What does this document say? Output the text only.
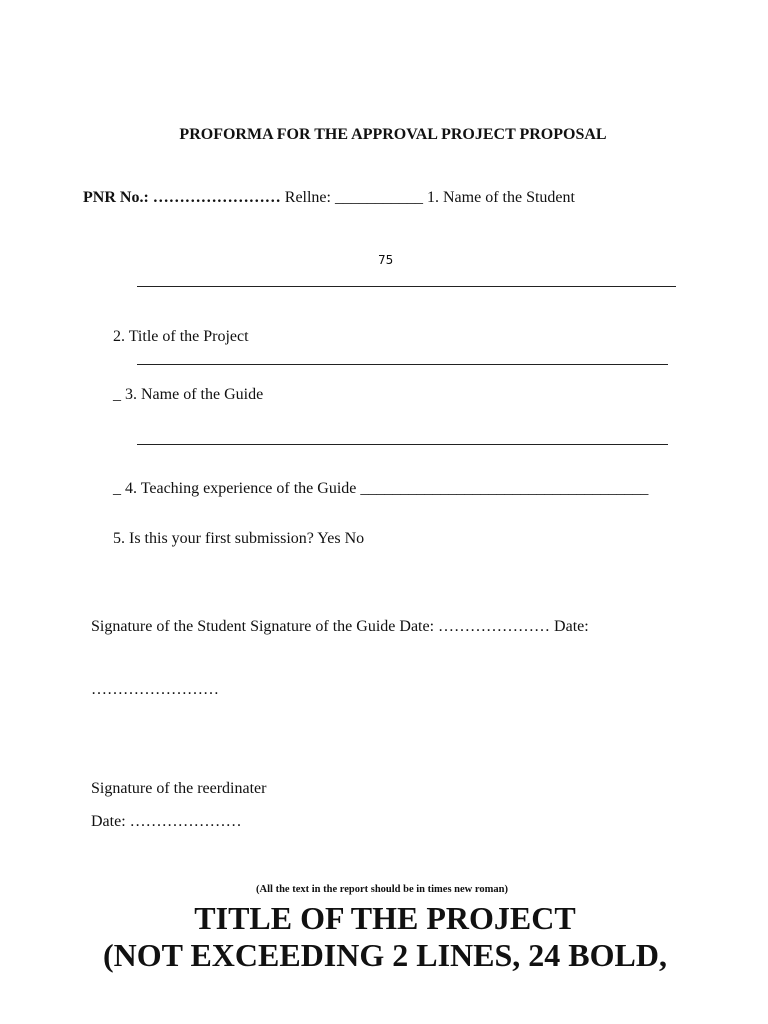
PROFORMA FOR THE APPROVAL PROJECT PROPOSAL
PNR No.: …………………… Rellne: ___________ 1. Name of the Student
75
2. Title of the Project
_ 3. Name of the Guide
_ 4. Teaching experience of the Guide ____________________________________
5. Is this your first submission? Yes No
Signature of the Student Signature of the Guide Date: ………………… Date:
……………………
Signature of the reerdinater
Date: …………………
(All the text in the report should be in times new roman)
TITLE OF THE PROJECT
(NOT EXCEEDING 2 LINES, 24 BOLD,
